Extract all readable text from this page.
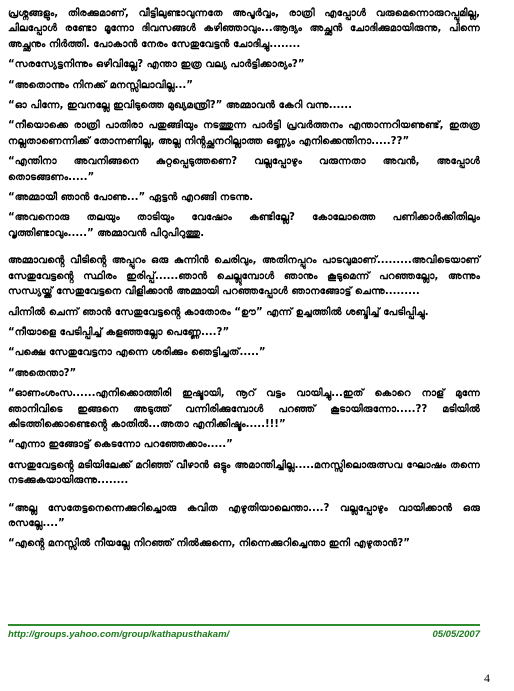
പ്രശ്നങ്ങളും, തിരക്കുമാണ്, വീട്ടിലുണ്ടാവുന്നതേ അപൂർവ്വം, രാത്രി എപ്പോൾ വരുമെന്നൊരുറപ്പുമില്ല, ചിലപ്പോൾ രണ്ടോ മൂന്നോ ദിവസങ്ങൾ കഴിഞ്ഞാവും...ആദ്യം അച്ഛൻ ചോദിക്കുമായിരുന്നു, പിന്നെ അച്ഛനും നിർത്തി. പോകാൻ നേരം സേതുവേട്ടൻ ചോദിച്ചു........

“സരസ്യേട്ടനിന്നും ഒഴിവില്ലേ? എന്താ ഇത്ര വല്യ പാർട്ടിക്കാര്യം?”

“അതൊന്നും നിനക്ക് മനസ്സിലാവില്ല...”

“ഓ പിന്നേ, ഇവനല്ലേ ഇവിടുത്തെ മുഖ്യമന്ത്രി?” അമ്മാവൻ കേറി വന്നു......

“നീയൊക്കെ രാത്രി പാതിരാ പതുങ്ങിയും നടത്തുന്ന പാർട്ടി പ്രവർത്തനം എന്താന്നറിയണുണ്ട്, ഇതത്ര നല്ലതാണെന്നിക്ക് തോന്നണില്ല, അല്ല നിൻ്റച്ഛനറില്ലാത്ത ഒണ്ണ്യം എനിക്കെന്തിനാ.....??”

“എന്തിനാ അവനിങ്ങനെ കുറ്റപ്പെടുത്തണെ? വല്ലപ്പോഴും വരുന്നതാ അവൻ, അപ്പോൾ തൊടങ്ങണം.....”

“അമ്മായീ ഞാൻ പോണു...” ഏട്ടൻ എറങ്ങി നടന്നു.

“അവനൊരു തലയും താടിയും വേഷോം കണ്ടില്ലേ? കോലോത്തെ പണിക്കാർക്കിതിലും വൃത്തിണ്ടാവും.....” അമ്മാവൻ പിറുപിറുത്തു.

അമ്മാവൻ്റെ വീടിൻ്റെ അപ്പുറം ഒരു കുന്നിൻ ചെരിവും, അതിനപ്പുറം പാടവുമാണ്.........അവിടെയാണ് സേതുവേട്ടൻ്റെ സ്ഥിരം ഇരിപ്പ്......ഞാൻ ചെല്ലുമ്പോൾ ഞാനും കൂടുമെന്ന് പറഞ്ഞല്ലോ, അന്നും സന്ധ്യയ്ക്ക് സേതുവേട്ടനെ വിളിക്കാൻ അമ്മായി പറഞ്ഞപ്പോൾ ഞാനങ്ങോട്ട് ചെന്നു.........

പിന്നിൽ ചെന്ന് ഞാൻ സേതുവേട്ടൻ്റെ കാതോരം “ഊ” എന്ന് ഉച്ചത്തിൽ ശബ്ദിച്ച് പേടിപ്പിച്ചു.

“നീയാളെ പേടിപ്പിച്ച് കളഞ്ഞല്ലോ പെണ്ണേ....?”

“പക്ഷെ സേതുവേട്ടനാ എന്നെ ശരിക്കും ഞെട്ടിച്ചത്.....”

“അതെന്താ?”

“ഓണംശംസ......എനിക്കൊത്തിരി ഇഷ്ടായി, നൂറ് വട്ടം വായിച്ചു...ഇത് കൊറെ നാള് മുന്നേ ഞാനിവിടെ ഇങ്ങനെ അടുത്ത് വന്നിരിക്കുമ്പോൾ പറഞ്ഞ് കൂടായിരുന്നോ.....?? മടിയിൽ കിടത്തിക്കൊണ്ടെൻ്റെ കാതിൽ...അതാ എനിക്കിഷ്ടം.....!!!”

“എന്നാ ഇങ്ങോട്ട് കെടന്നോ പറഞ്ഞേക്കാം.....”

സേതുവേട്ടൻ്റെ മടിയിലേക്ക് മറിഞ്ഞ് വീഴാൻ ഒട്ടും അമാന്തിച്ചില്ല.....മനസ്സിലൊരുത്സവ ഘോഷം തന്നെ നടക്കുകയായിരുന്നു........

“അല്ല സേതേട്ടനെന്നെക്കുറിച്ചൊരു കവിത എഴുതിയാലെന്താ....? വല്ലപ്പോഴും വായിക്കാൻ ഒരു രസല്ലേ....”

“എൻ്റെ മനസ്സിൽ നീയല്ലേ നിറഞ്ഞ് നിൽക്കുന്നെ, നിന്നെക്കുറിച്ചെന്താ ഇനി എഴുതാൻ?”

http://groups.yahoo.com/group/kathapusthakam/	05/05/2007
4
